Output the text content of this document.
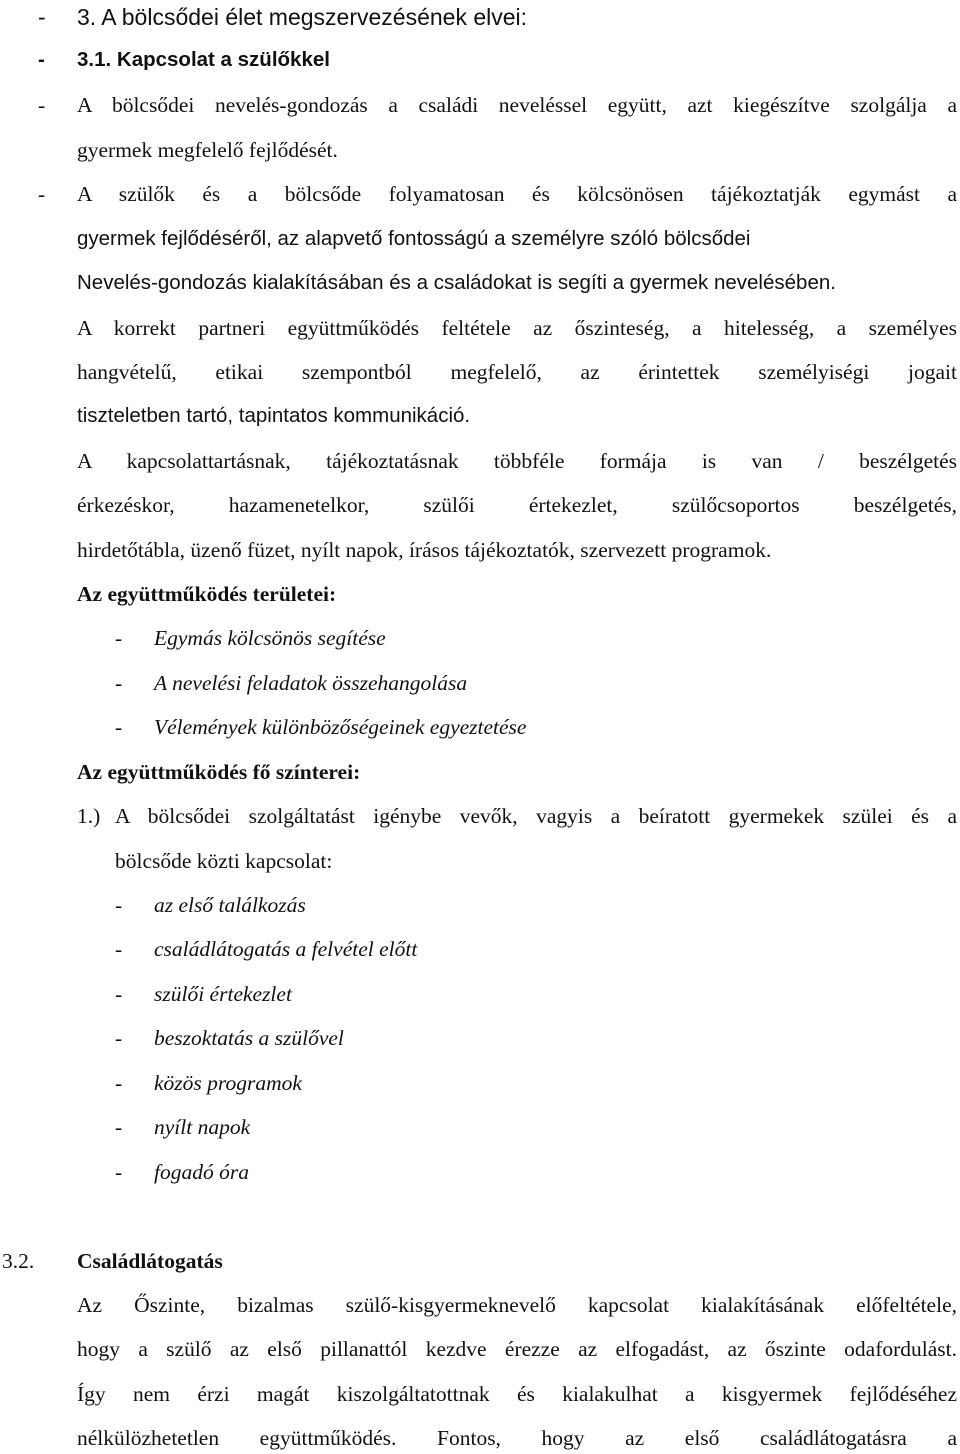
- 3. A bölcsődei élet megszervezésének elvei:
- 3.1. Kapcsolat a szülőkkel
- A bölcsődei nevelés-gondozás a családi neveléssel együtt, azt kiegészítve szolgálja a
gyermek megfelelő fejlődését.
- A szülők és a bölcsőde folyamatosan és kölcsönösen tájékoztatják egymást a
gyermek fejlődéséről, az alapvető fontosságú a személyre szóló bölcsődei
Nevelés-gondozás kialakításában és a családokat is segíti a gyermek nevelésében.
A korrekt partneri együttműködés feltétele az őszinteség, a hitelesség, a személyes
hangvételű, etikai szempontból megfelelő, az érintettek személyiségi jogait
tiszteletben tartó, tapintatos kommunikáció.
A kapcsolattartásnak, tájékoztatásnak többféle formája is van / beszélgetés
érkezéskor, hazamenetelkor, szülői értekezlet, szülőcsoportos beszélgetés,
hirdetőtábla, üzenő füzet, nyílt napok, írásos tájékoztatók, szervezett programok.
Az együttműködés területei:
- Egymás kölcsönös segítése
- A nevelési feladatok összehangolása
- Vélemények különbözőségeinek egyeztetése
Az együttműködés fő színterei:
1.) A bölcsődei szolgáltatást igénybe vevők, vagyis a beíratott gyermekek szülei és a
bölcsőde közti kapcsolat:
- az első találkozás
- családlátogatás a felvétel előtt
- szülői értekezlet
- beszoktatás a szülővel
- közös programok
- nyílt napok
- fogadó óra
3.2. Családlátogatás
Az Őszinte, bizalmas szülő-kisgyermeknevelő kapcsolat kialakításának előfeltétele,
hogy a szülő az első pillanattól kezdve érezze az elfogadást, az őszinte odafordulást.
Így nem érzi magát kiszolgáltatottnak és kialakulhat a kisgyermek fejlődéséhez
nélkülözhetetlen együttműködés. Fontos, hogy az első családlátogatásra a
